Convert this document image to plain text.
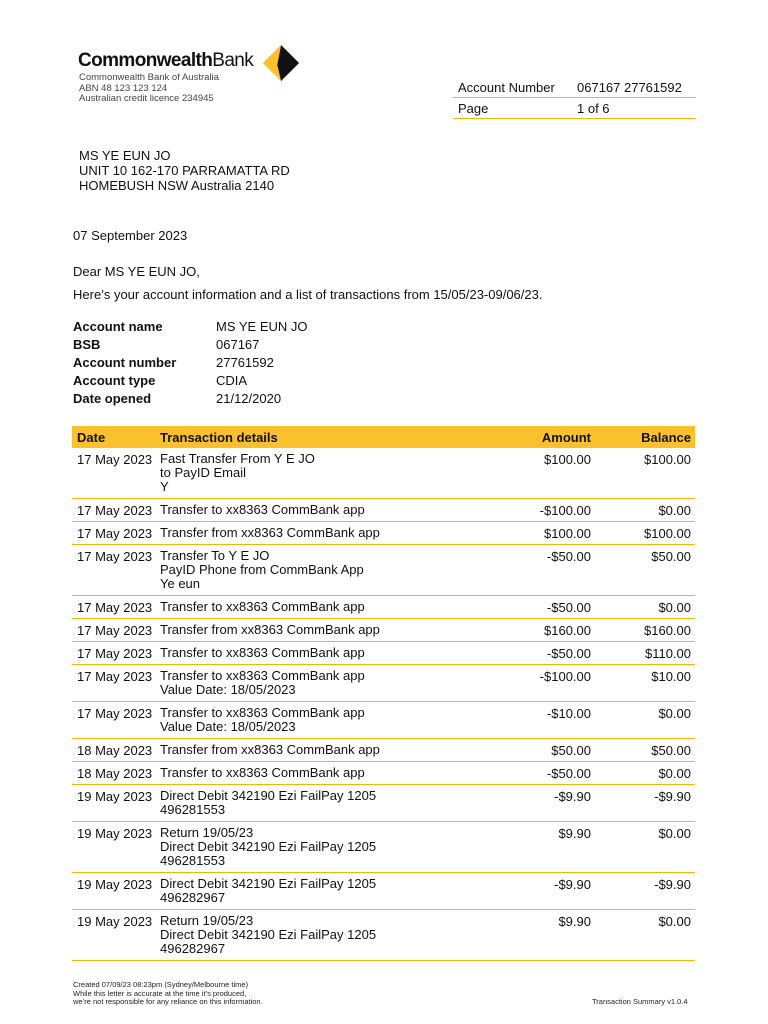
CommonwealthBank
Commonwealth Bank of Australia
ABN 48 123 123 124
Australian credit licence 234945
Account Number	067167 27761592
Page	1 of 6
MS YE EUN JO
UNIT 10 162-170 PARRAMATTA RD
HOMEBUSH NSW Australia 2140
07 September 2023
Dear MS YE EUN JO,
Here’s your account information and a list of transactions from 15/05/23-09/06/23.
Account name	MS YE EUN JO
BSB	067167
Account number	27761592
Account type	CDIA
Date opened	21/12/2020
Date	Transaction details	Amount	Balance
17 May 2023 Fast Transfer From Y E JO
to PayID Email
Y
$100.00	$100.00
17 May 2023 Transfer to xx8363 CommBank app	-$100.00	$0.00
17 May 2023 Transfer from xx8363 CommBank app	$100.00	$100.00
17 May 2023 Transfer To Y E JO
PayID Phone from CommBank App
Ye eun
-$50.00	$50.00
17 May 2023 Transfer to xx8363 CommBank app	-$50.00	$0.00
17 May 2023 Transfer from xx8363 CommBank app	$160.00	$160.00
17 May 2023 Transfer to xx8363 CommBank app	-$50.00	$110.00
17 May 2023 Transfer to xx8363 CommBank app
Value Date: 18/05/2023
-$100.00	$10.00
17 May 2023 Transfer to xx8363 CommBank app
Value Date: 18/05/2023
-$10.00	$0.00
18 May 2023 Transfer from xx8363 CommBank app	$50.00	$50.00
18 May 2023 Transfer to xx8363 CommBank app	-$50.00	$0.00
19 May 2023 Direct Debit 342190 Ezi FailPay 1205
496281553
-$9.90	-$9.90
19 May 2023 Return 19/05/23
Direct Debit 342190 Ezi FailPay 1205
496281553
$9.90	$0.00
19 May 2023 Direct Debit 342190 Ezi FailPay 1205
496282967
-$9.90	-$9.90
19 May 2023 Return 19/05/23
Direct Debit 342190 Ezi FailPay 1205
496282967
$9.90	$0.00
Created 07/09/23 08:23pm (Sydney/Melbourne time)
While this letter is accurate at the time it’s produced,
we’re not responsible for any reliance on this information.	Transaction Summary v1.0.4
